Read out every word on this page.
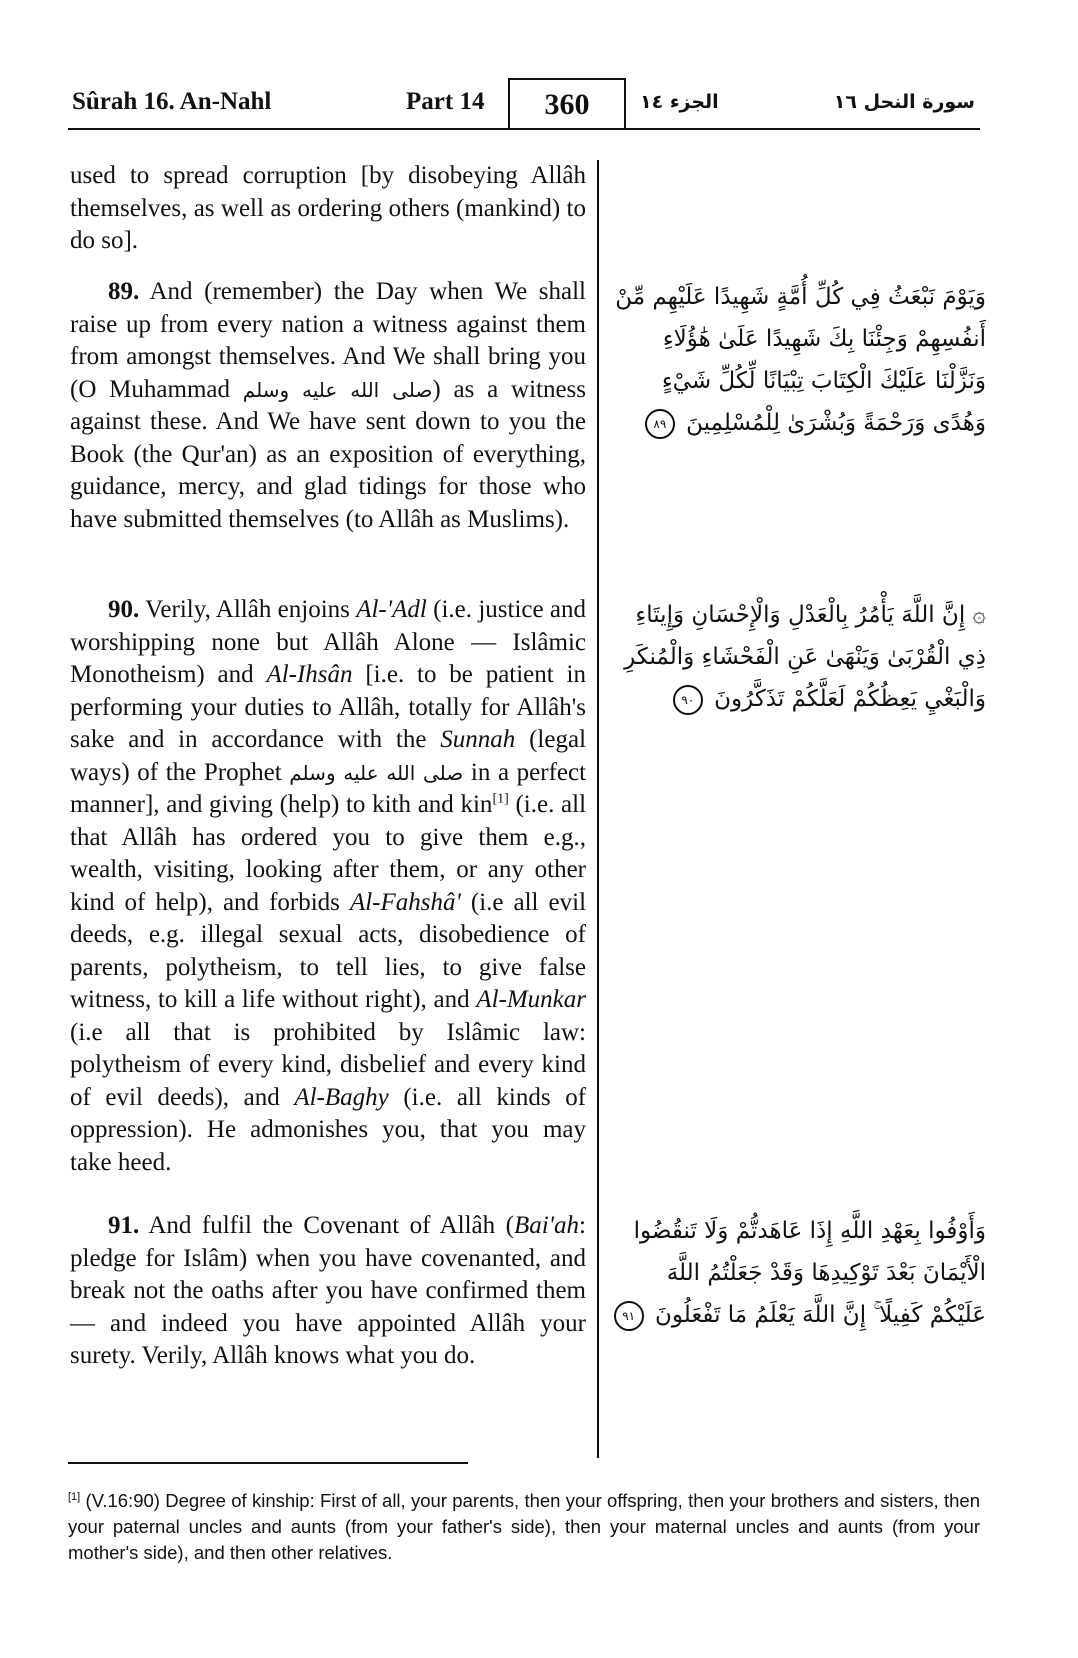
Sûrah 16. An-Nahl	Part 14	360	الجزء ١٤	سورة النحل ١٦

used to spread corruption [by disobeying Allâh themselves, as well as ordering others (mankind) to do so].

89. And (remember) the Day when We shall raise up from every nation a witness against them from amongst themselves. And We shall bring you (O Muhammad صلى الله عليه وسلم) as a witness against these. And We have sent down to you the Book (the Qur'an) as an exposition of everything, guidance, mercy, and glad tidings for those who have submitted themselves (to Allâh as Muslims).

90. Verily, Allâh enjoins Al-'Adl (i.e. justice and worshipping none but Allâh Alone — Islâmic Monotheism) and Al-Ihsân [i.e. to be patient in performing your duties to Allâh, totally for Allâh's sake and in accordance with the Sunnah (legal ways) of the Prophet صلى الله عليه وسلم in a perfect manner], and giving (help) to kith and kin[1] (i.e. all that Allâh has ordered you to give them e.g., wealth, visiting, looking after them, or any other kind of help), and forbids Al-Fahshâ' (i.e all evil deeds, e.g. illegal sexual acts, disobedience of parents, polytheism, to tell lies, to give false witness, to kill a life without right), and Al-Munkar (i.e all that is prohibited by Islâmic law: polytheism of every kind, disbelief and every kind of evil deeds), and Al-Baghy (i.e. all kinds of oppression). He admonishes you, that you may take heed.

91. And fulfil the Covenant of Allâh (Bai'ah: pledge for Islâm) when you have covenanted, and break not the oaths after you have confirmed them — and indeed you have appointed Allâh your surety. Verily, Allâh knows what you do.

وَيَوْمَ نَبْعَثُ فِي كُلِّ أُمَّةٍ شَهِيدًا عَلَيْهِم مِّنْ أَنفُسِهِمْ وَجِئْنَا بِكَ شَهِيدًا عَلَىٰ هَٰؤُلَاءِ وَنَزَّلْنَا عَلَيْكَ الْكِتَابَ تِبْيَانًا لِّكُلِّ شَيْءٍ وَهُدًى وَرَحْمَةً وَبُشْرَىٰ لِلْمُسْلِمِينَ ٨٩
۞ إِنَّ اللَّهَ يَأْمُرُ بِالْعَدْلِ وَالْإِحْسَانِ وَإِيتَاءِ ذِي الْقُرْبَىٰ وَيَنْهَىٰ عَنِ الْفَحْشَاءِ وَالْمُنكَرِ وَالْبَغْيِ يَعِظُكُمْ لَعَلَّكُمْ تَذَكَّرُونَ ٩٠
وَأَوْفُوا بِعَهْدِ اللَّهِ إِذَا عَاهَدتُّمْ وَلَا تَنقُضُوا الْأَيْمَانَ بَعْدَ تَوْكِيدِهَا وَقَدْ جَعَلْتُمُ اللَّهَ عَلَيْكُمْ كَفِيلًا ۚ إِنَّ اللَّهَ يَعْلَمُ مَا تَفْعَلُونَ ٩١
[1] (V.16:90) Degree of kinship: First of all, your parents, then your offspring, then your brothers and sisters, then your paternal uncles and aunts (from your father's side), then your maternal uncles and aunts (from your mother's side), and then other relatives.
